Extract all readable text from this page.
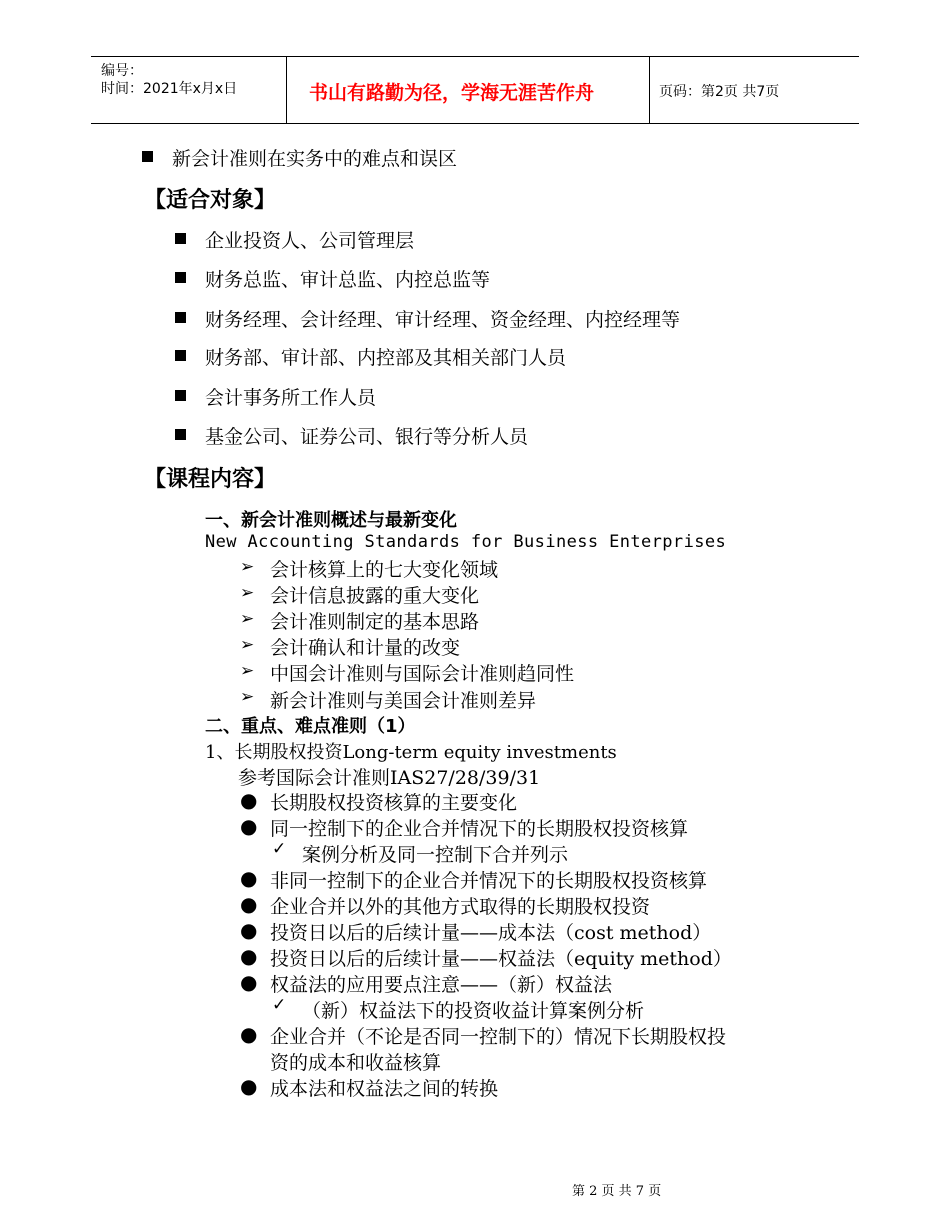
编号：
时间：2021年x月x日	书山有路勤为径，学海无涯苦作舟	页码：第2页 共7页
新会计准则在实务中的难点和误区
【适合对象】
企业投资人、公司管理层
财务总监、审计总监、内控总监等
财务经理、会计经理、审计经理、资金经理、内控经理等
财务部、审计部、内控部及其相关部门人员
会计事务所工作人员
基金公司、证券公司、银行等分析人员
【课程内容】
一、新会计准则概述与最新变化
New Accounting Standards for Business Enterprises
➢ 会计核算上的七大变化领域
➢ 会计信息披露的重大变化
➢ 会计准则制定的基本思路
➢ 会计确认和计量的改变
➢ 中国会计准则与国际会计准则趋同性
➢ 新会计准则与美国会计准则差异
二、重点、难点准则（1）
1、长期股权投资Long-term equity investments
参考国际会计准则IAS27/28/39/31
● 长期股权投资核算的主要变化
● 同一控制下的企业合并情况下的长期股权投资核算
✓ 案例分析及同一控制下合并列示
● 非同一控制下的企业合并情况下的长期股权投资核算
● 企业合并以外的其他方式取得的长期股权投资
● 投资日以后的后续计量——成本法（cost method）
● 投资日以后的后续计量——权益法（equity method）
● 权益法的应用要点注意——（新）权益法
✓ （新）权益法下的投资收益计算案例分析
● 企业合并（不论是否同一控制下的）情况下长期股权投
资的成本和收益核算
● 成本法和权益法之间的转换
第 2 页 共 7 页
